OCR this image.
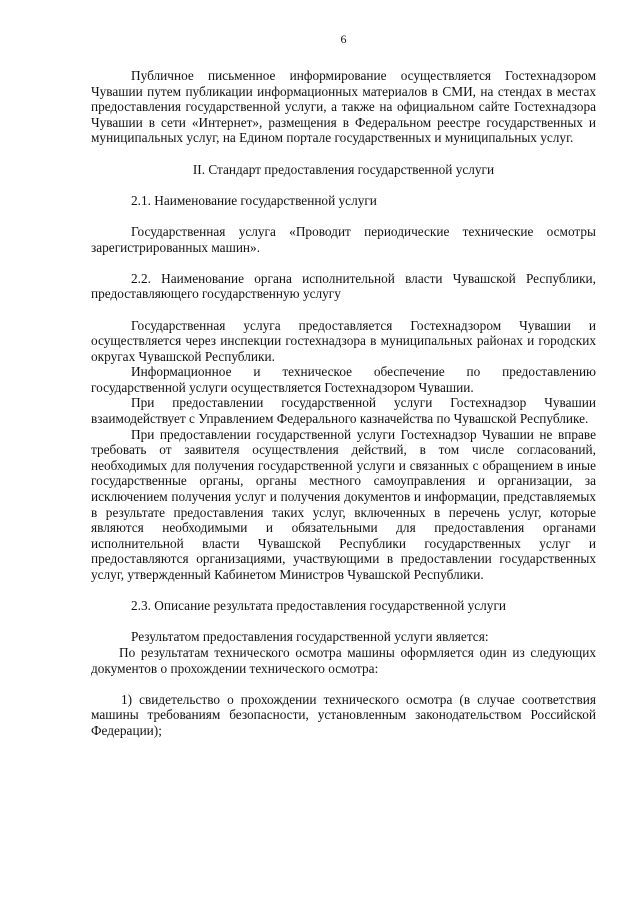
6

Публичное письменное информирование осуществляется Гостехнадзором Чувашии путем публикации информационных материалов в СМИ, на стендах в местах предоставления государственной услуги, а также на официальном сайте Гостехнадзора Чувашии в сети «Интернет», размещения в Федеральном реестре государственных и муниципальных услуг, на Едином портале государственных и муниципальных услуг.

II. Стандарт предоставления государственной услуги

2.1. Наименование государственной услуги

Государственная услуга «Проводит периодические технические осмотры зарегистрированных машин».

2.2. Наименование органа исполнительной власти Чувашской Республики, предоставляющего государственную услугу

Государственная услуга предоставляется Гостехнадзором Чувашии и осуществляется через инспекции гостехнадзора в муниципальных районах и городских округах Чувашской Республики.

Информационное и техническое обеспечение по предоставлению государственной услуги осуществляется Гостехнадзором Чувашии.

При предоставлении государственной услуги Гостехнадзор Чувашии взаимодействует с Управлением Федерального казначейства по Чувашской Республике.

При предоставлении государственной услуги Гостехнадзор Чувашии не вправе требовать от заявителя осуществления действий, в том числе согласований, необходимых для получения государственной услуги и связанных с обращением в иные государственные органы, органы местного самоуправления и организации, за исключением получения услуг и получения документов и информации, представляемых в результате предоставления таких услуг, включенных в перечень услуг, которые являются необходимыми и обязательными для предоставления органами исполнительной власти Чувашской Республики государственных услуг и предоставляются организациями, участвующими в предоставлении государственных услуг, утвержденный Кабинетом Министров Чувашской Республики.

2.3. Описание результата предоставления государственной услуги

Результатом предоставления государственной услуги является:

По результатам технического осмотра машины оформляется один из следующих документов о прохождении технического осмотра:

1) свидетельство о прохождении технического осмотра (в случае соответствия машины требованиям безопасности, установленным законодательством Российской Федерации);
